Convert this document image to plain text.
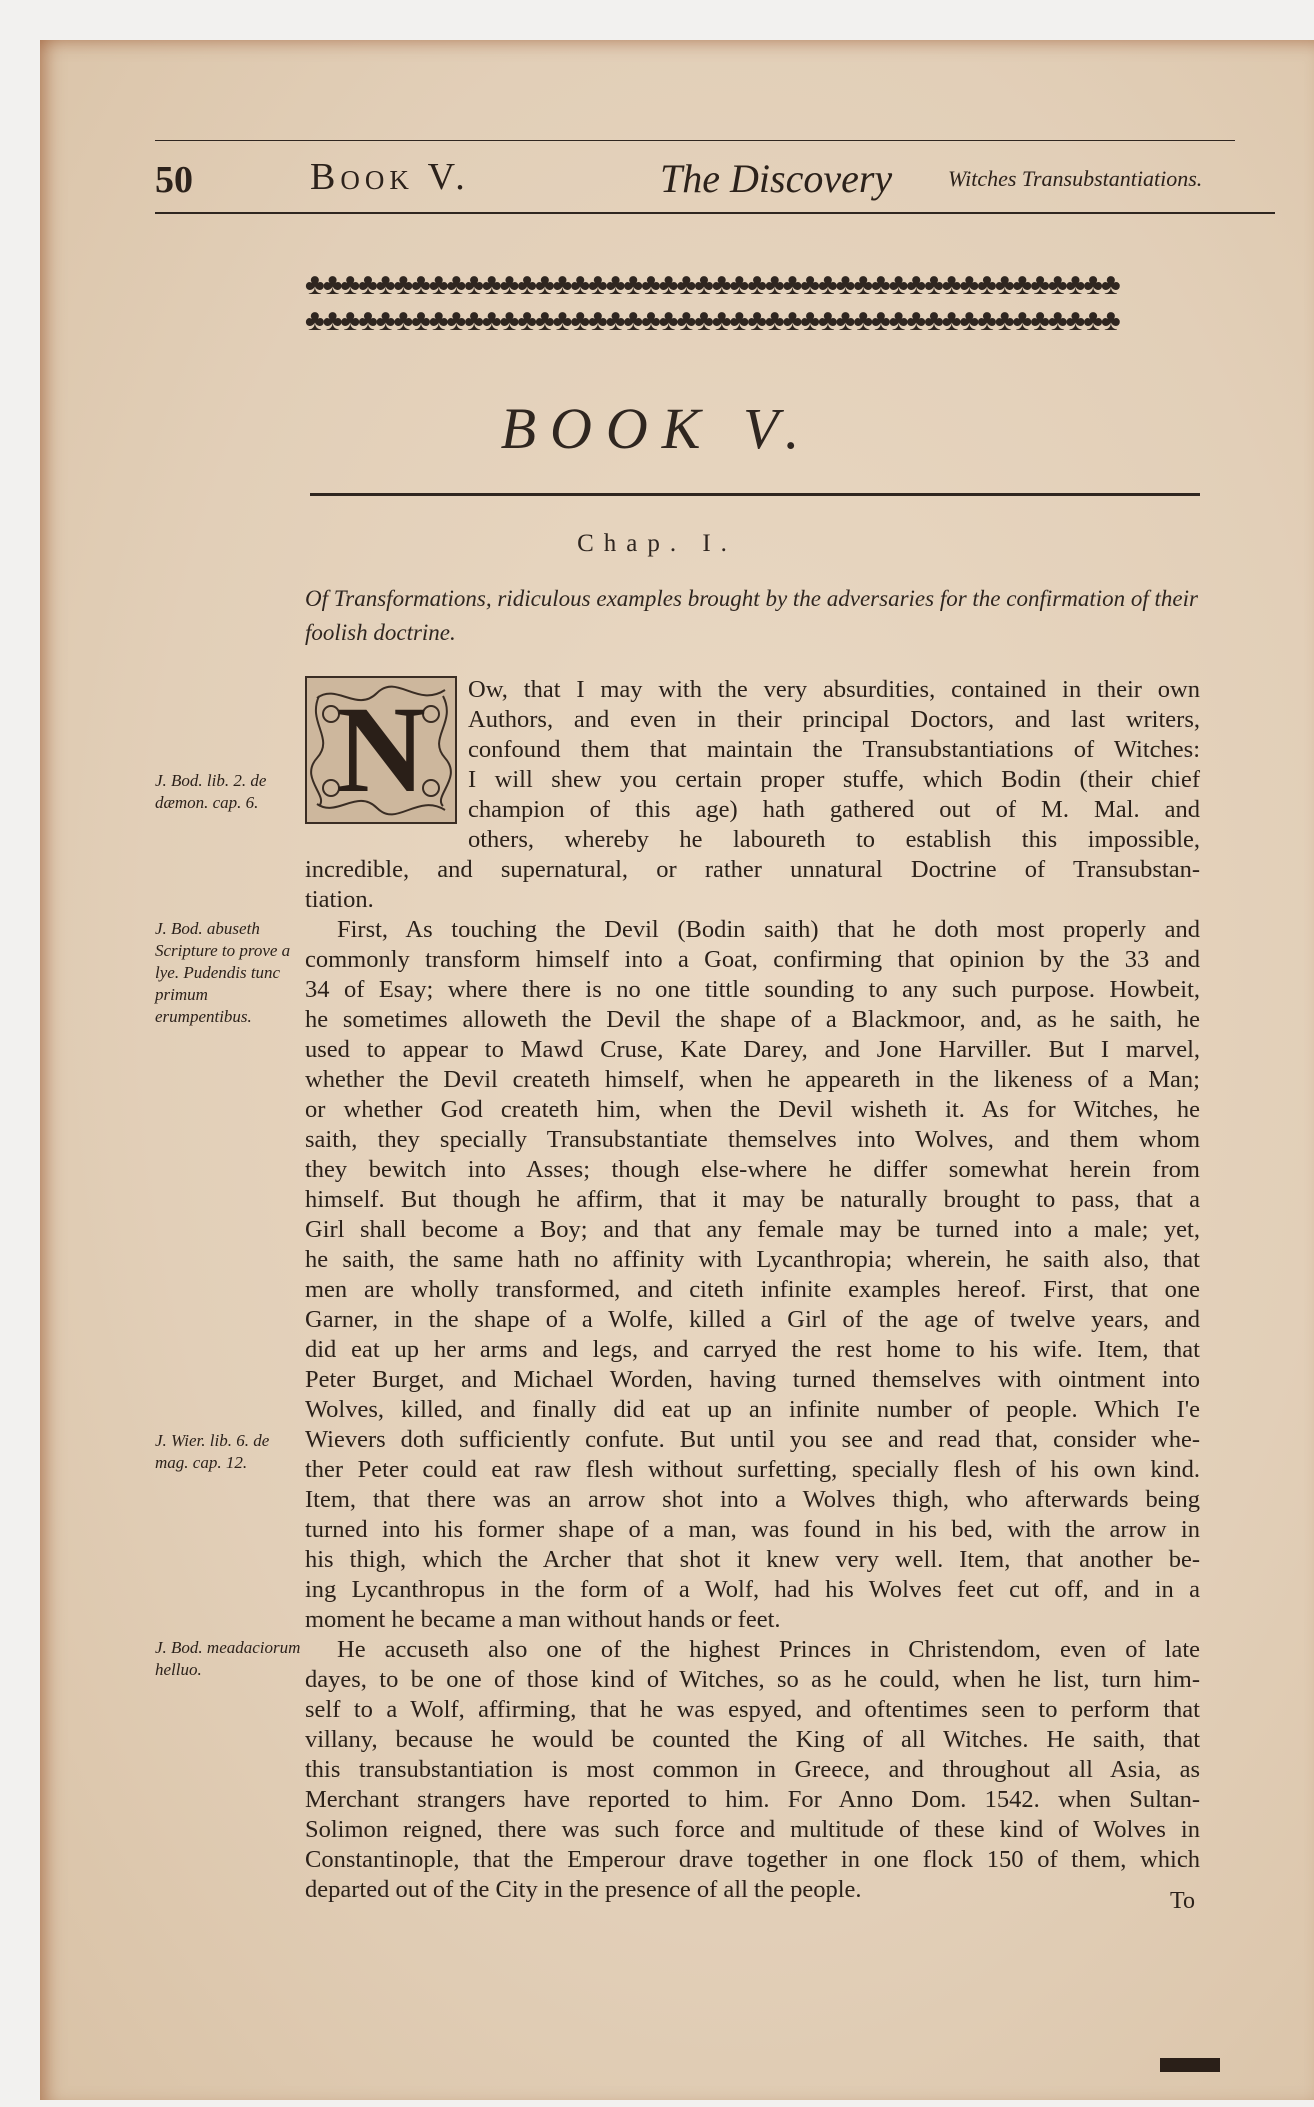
50	Book V.	The Discovery	Witches Transubstantiations.
♣♣♣♣♣♣♣♣♣♣♣♣♣♣♣♣♣♣♣♣♣♣♣♣♣♣♣♣♣♣♣♣♣♣♣♣♣♣♣♣♣♣♣♣♣♣
♣♣♣♣♣♣♣♣♣♣♣♣♣♣♣♣♣♣♣♣♣♣♣♣♣♣♣♣♣♣♣♣♣♣♣♣♣♣♣♣♣♣♣♣♣♣
BOOK V.
Chap. I.
Of Transformations, ridiculous examples brought by the adversaries for the confirmation of their foolish doctrine.
N Ow, that I may with the very absurdities, contained in their own
Authors, and even in their principal Doctors, and last writers,
confound them that maintain the Transubstantiations of Witches:
I will shew you certain proper stuffe, which Bodin (their chief
champion of this age) hath gathered out of M. Mal. and
others, whereby he laboureth to establish this impossible,
incredible, and supernatural, or rather unnatural Doctrine of Transubstan-
tiation.
First, As touching the Devil (Bodin saith) that he doth most properly and
commonly transform himself into a Goat, confirming that opinion by the 33 and
34 of Esay; where there is no one tittle sounding to any such purpose. Howbeit,
he sometimes alloweth the Devil the shape of a Blackmoor, and, as he saith, he
used to appear to Mawd Cruse, Kate Darey, and Jone Harviller. But I marvel,
whether the Devil createth himself, when he appeareth in the likeness of a Man;
or whether God createth him, when the Devil wisheth it. As for Witches, he
saith, they specially Transubstantiate themselves into Wolves, and them whom
they bewitch into Asses; though else-where he differ somewhat herein from
himself. But though he affirm, that it may be naturally brought to pass, that a
Girl shall become a Boy; and that any female may be turned into a male; yet,
he saith, the same hath no affinity with Lycanthropia; wherein, he saith also, that
men are wholly transformed, and citeth infinite examples hereof. First, that one
Garner, in the shape of a Wolfe, killed a Girl of the age of twelve years, and
did eat up her arms and legs, and carryed the rest home to his wife. Item, that
Peter Burget, and Michael Worden, having turned themselves with ointment into
Wolves, killed, and finally did eat up an infinite number of people. Which I'e
Wievers doth sufficiently confute. But until you see and read that, consider whe-
ther Peter could eat raw flesh without surfetting, specially flesh of his own kind.
Item, that there was an arrow shot into a Wolves thigh, who afterwards being
turned into his former shape of a man, was found in his bed, with the arrow in
his thigh, which the Archer that shot it knew very well. Item, that another be-
ing Lycanthropus in the form of a Wolf, had his Wolves feet cut off, and in a
moment he became a man without hands or feet.
He accuseth also one of the highest Princes in Christendom, even of late
dayes, to be one of those kind of Witches, so as he could, when he list, turn him-
self to a Wolf, affirming, that he was espyed, and oftentimes seen to perform that
villany, because he would be counted the King of all Witches. He saith, that
this transubstantiation is most common in Greece, and throughout all Asia, as
Merchant strangers have reported to him. For Anno Dom. 1542. when Sultan-
Solimon reigned, there was such force and multitude of these kind of Wolves in
Constantinople, that the Emperour drave together in one flock 150 of them, which
departed out of the City in the presence of all the people.
J. Bod. lib. 2. de dæmon. cap. 6.
J. Bod. abuseth Scripture to prove a lye. Pudendis tunc primum erumpentibus.
J. Wier. lib. 6. de mag. cap. 12.
J. Bod. meadaciorum helluo.
To
